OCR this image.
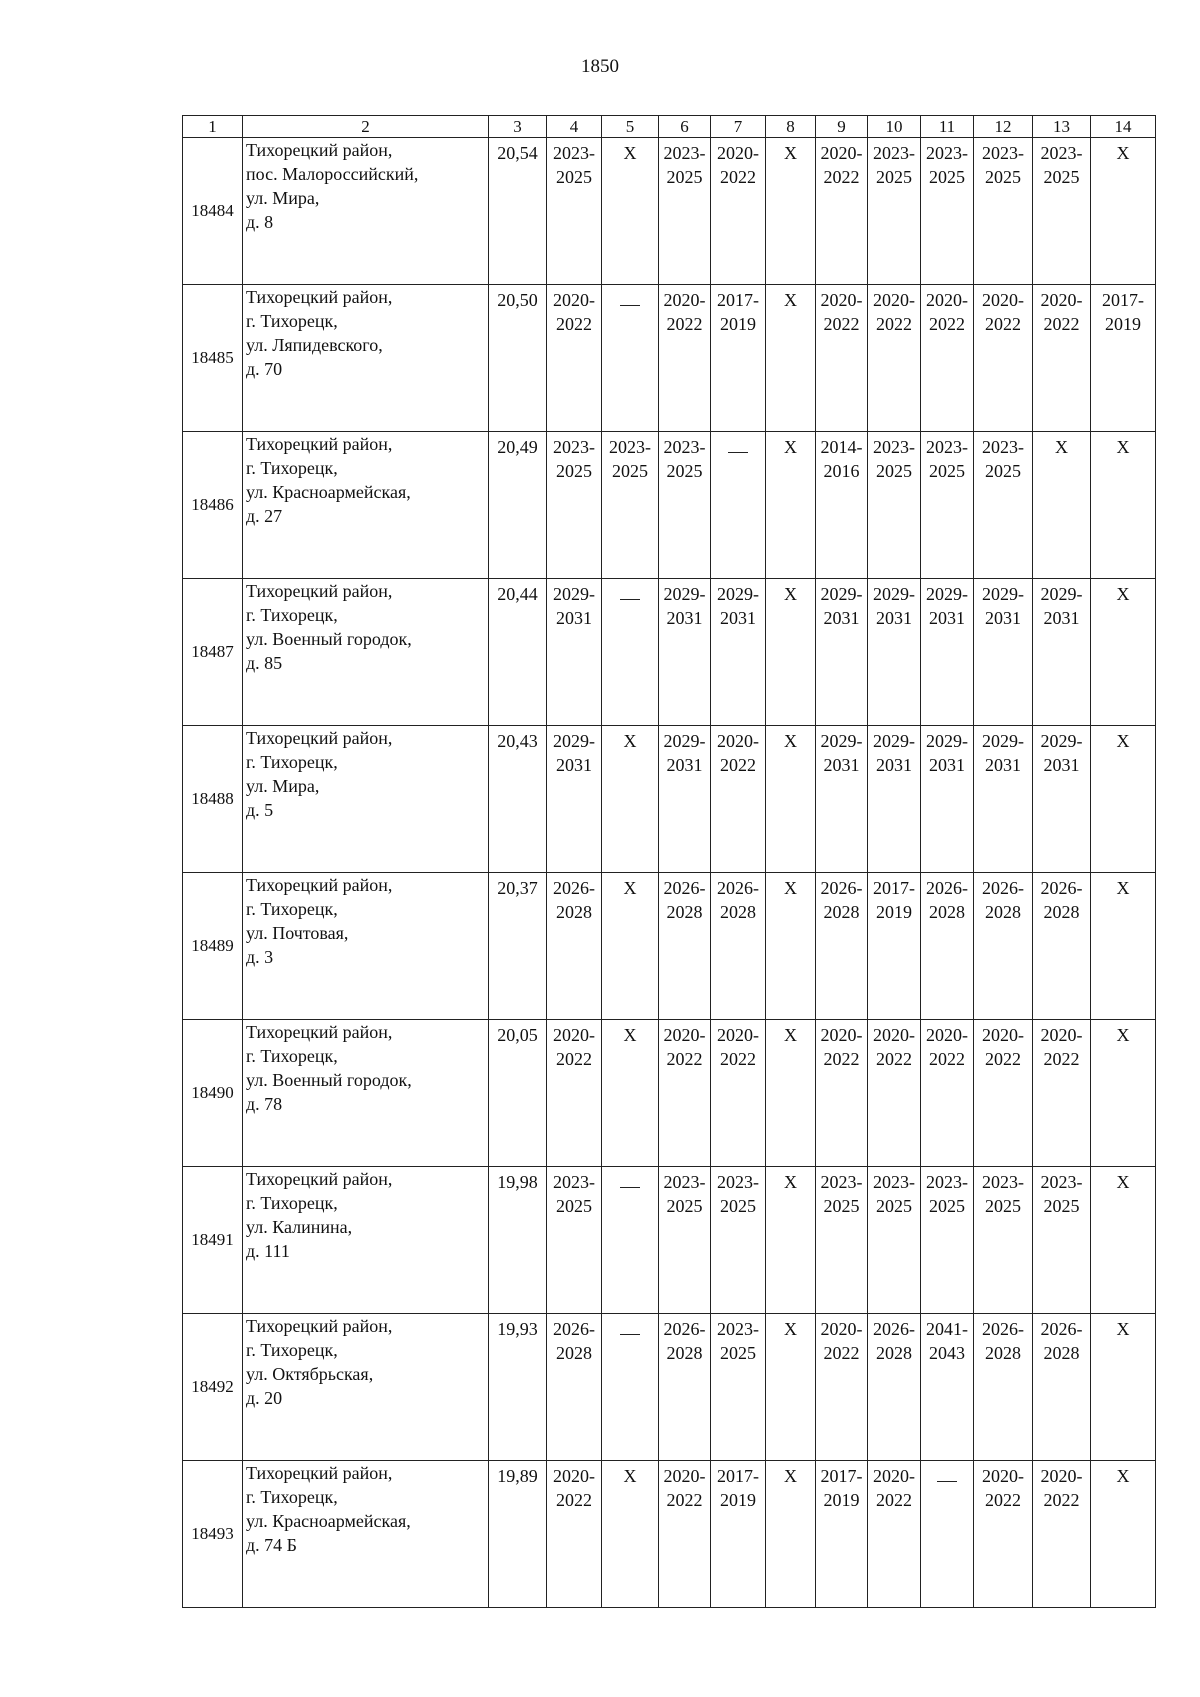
1850
1	2	3	4	5	6	7	8	9	10	11	12	13	14
18484	Тихорецкий район,
пос. Малороссийский,
ул. Мира,
д. 8	20,54	2023-
2025	X	2023-
2025	2020-
2022	X	2020-
2022	2023-
2025	2023-
2025	2023-
2025	2023-
2025	X

18485	Тихорецкий район,
г. Тихорецк,
ул. Ляпидевского,
д. 70	20,50	2020-
2022		2020-
2022	2017-
2019	X	2020-
2022	2020-
2022	2020-
2022	2020-
2022	2020-
2022	2017-
2019

18486	Тихорецкий район,
г. Тихорецк,
ул. Красноармейская,
д. 27	20,49	2023-
2025	2023-
2025	2023-
2025		X	2014-
2016	2023-
2025	2023-
2025	2023-
2025	X	X

18487	Тихорецкий район,
г. Тихорецк,
ул. Военный городок,
д. 85	20,44	2029-
2031		2029-
2031	2029-
2031	X	2029-
2031	2029-
2031	2029-
2031	2029-
2031	2029-
2031	X

18488	Тихорецкий район,
г. Тихорецк,
ул. Мира,
д. 5	20,43	2029-
2031	X	2029-
2031	2020-
2022	X	2029-
2031	2029-
2031	2029-
2031	2029-
2031	2029-
2031	X

18489	Тихорецкий район,
г. Тихорецк,
ул. Почтовая,
д. 3	20,37	2026-
2028	X	2026-
2028	2026-
2028	X	2026-
2028	2017-
2019	2026-
2028	2026-
2028	2026-
2028	X

18490	Тихорецкий район,
г. Тихорецк,
ул. Военный городок,
д. 78	20,05	2020-
2022	X	2020-
2022	2020-
2022	X	2020-
2022	2020-
2022	2020-
2022	2020-
2022	2020-
2022	X

18491	Тихорецкий район,
г. Тихорецк,
ул. Калинина,
д. 111	19,98	2023-
2025		2023-
2025	2023-
2025	X	2023-
2025	2023-
2025	2023-
2025	2023-
2025	2023-
2025	X

18492	Тихорецкий район,
г. Тихорецк,
ул. Октябрьская,
д. 20	19,93	2026-
2028		2026-
2028	2023-
2025	X	2020-
2022	2026-
2028	2041-
2043	2026-
2028	2026-
2028	X

18493	Тихорецкий район,
г. Тихорецк,
ул. Красноармейская,
д. 74 Б	19,89	2020-
2022	X	2020-
2022	2017-
2019	X	2017-
2019	2020-
2022		2020-
2022	2020-
2022	X
